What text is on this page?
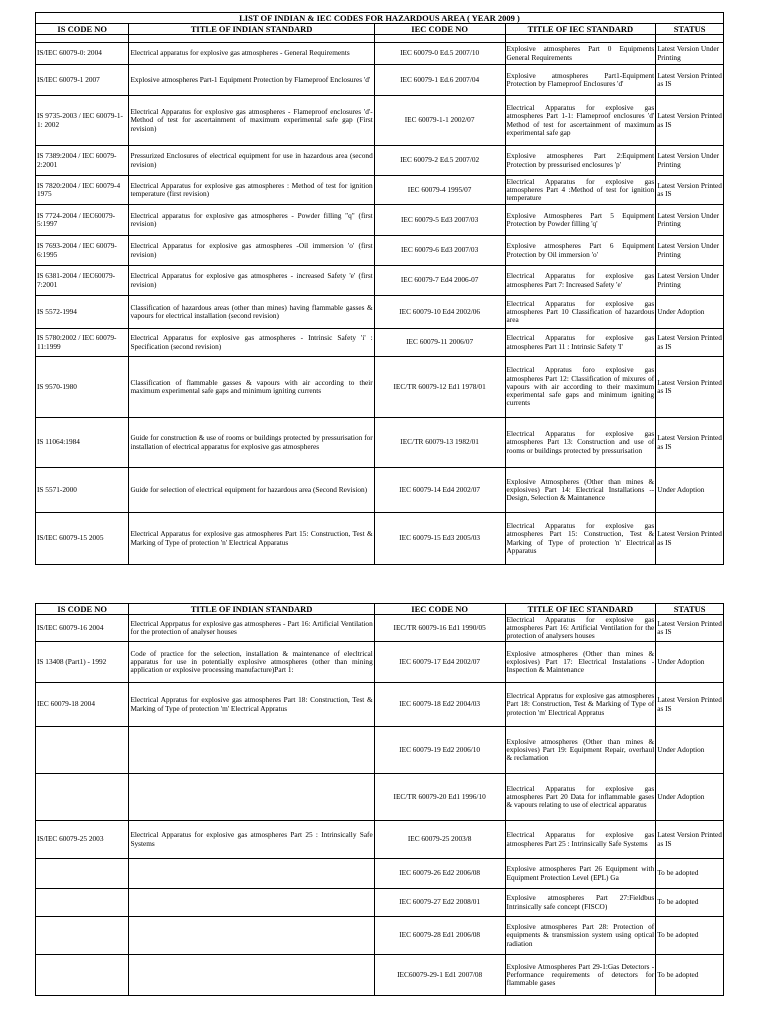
LIST OF INDIAN & IEC CODES FOR HAZARDOUS AREA ( YEAR 2009 )				
IS CODE NO	TITLE OF INDIAN STANDARD	IEC CODE NO	TITLE OF IEC STANDARD	STATUS

IS/IEC 60079-0: 2004	Electrical apparatus for explosive gas atmospheres - General Requirements	IEC 60079-0 Ed.5 2007/10	Explosive atmospheres Part 0 Equipments General Requirements	Latest Version Under Printing
IS/IEC 60079-1 2007	Explosive atmospheres Part-1 Equipment Protection by Flameproof Enclosures 'd'	IEC 60079-1 Ed.6 2007/04	Explosive atmospheres Part1-Equipment Protection by Flameproof Enclosures 'd'	Latest Version Printed as IS
IS 9735-2003 / IEC 60079-1-1: 2002	Electrical Apparatus for explosive gas atmospheres - Flameproof enclosures 'd'-Method of test for ascertainment of maximum experimental safe gap (First revision)	IEC 60079-1-1 2002/07	Electrical Apparatus for explosive gas atmospheres Part 1-1: Flameproof enclosures 'd' Method of test for ascertainment of maximum experimental safe gap	Latest Version Printed as IS
IS 7389:2004 / IEC 60079-2:2001	Pressurized Enclosures of electrical equipment for use in hazardous area (second revision)	IEC 60079-2 Ed.5 2007/02	Explosive atmospheres Part 2:Equipment Protection by pressurised enclosures 'p'	Latest Version Under Printing
IS 7820:2004 / IEC 60079-4 1975	Electrical Apparatus for explosive gas atmospheres : Method of test for ignition temperature (first revision)	IEC 60079-4 1995/07	Electrical Apparatus for explosive gas atmospheres Part 4 :Method of test for ignition temperature	Latest Version Printed as IS
IS 7724-2004 / IEC60079-5:1997	Electrical apparatus for explosive gas atmospheres - Powder filling "q" (first revision)	IEC 60079-5 Ed3 2007/03	Explosive Atmospheres Part 5 Equipment Protection by Powder filling 'q'	Latest Version Under Printing
IS 7693-2004 / IEC 60079-6:1995	Electrical Apparatus for explosive gas atmospheres -Oil immersion 'o' (first revision)	IEC 60079-6 Ed3 2007/03	Explosive atmospheres Part 6 Equipment Protection by Oil immersion 'o'	Latest Version Under Printing
IS 6381-2004 / IEC60079-7:2001	Electrical Apparatus for explosive gas atmospheres - increased Safety 'e' (first revision)	IEC 60079-7 Ed4 2006-07	Electrical Apparatus for explosive gas atmospheres Part 7: Increased Safety 'e'	Latest Version Under Printing
IS 5572-1994	Classification of hazardous areas (other than mines) having flammable gasses & vapours for electrical installation (second revision)	IEC 60079-10 Ed4 2002/06	Electrical Apparatus for explosive gas atmospheres Part 10 Classification of hazardous area	Under Adoption
IS 5780:2002 / IEC 60079-11:1999	Electrical Apparatus for explosive gas atmospheres - Intrinsic Safety 'i' : Specification (second revision)	IEC 60079-11 2006/07	Electrical Apparatus for explosive gas atmospheres Part 11 : Intrinsic Safety 'I'	Latest Version Printed as IS
IS 9570-1980	Classification of flammable gasses & vapours with air according to their maximum experimental safe gaps and minimum igniting currents	IEC/TR 60079-12 Ed1 1978/01	Electrical Appratus foro explosive gas atmospheres Part 12: Classification of mixures of vapours with air according to their maximum experimental safe gaps and minimum igniting currents	Latest Version Printed as IS
IS 11064:1984	Guide for construction & use of rooms or buildings protected by pressurisation for installation of electrical apparatus for explosive gas atmospheres	IEC/TR 60079-13 1982/01	Electrical Apparatus for explosive gas atmospheres Part 13: Construction and use of rooms or buildings protected by pressurisation	Latest Version Printed as IS
IS 5571-2000	Guide for selection of electrical equipment for hazardous area (Second Revision)	IEC 60079-14 Ed4 2002/07	Explosive Atmospheres (Other than mines & explosives) Part 14: Electrical Installations -- Design, Selection & Maintanence	Under Adoption
IS/IEC 60079-15 2005	Electrical Apparatus for explosive gas atmospheres Part 15: Construction, Test & Marking of Type of protection 'n' Electrical Apparatus	IEC 60079-15 Ed3 2005/03	Electrical Apparatus for explosive gas atmospheres Part 15: Construction, Test & Marking of Type of protection 'n' Electrical Apparatus	Latest Version Printed as IS
IS CODE NO	TITLE OF INDIAN STANDARD	IEC CODE NO	TITLE OF IEC STANDARD	STATUS
IS/IEC 60079-16 2004	Electrical Apprpatus for explosive gas atmospheres - Part 16: Artificial Ventilation for the protection of analyser houses	IEC/TR 60079-16 Ed1 1990/05	Electrical Apparatus for explosive gas atmospheres Part 16: Artificial Ventilation for the protection of analysers houses	Latest Version Printed as IS
IS 13408 (Part1) - 1992	Code of practice for the selection, installation & maintenance of elecltrical apparatus for use in potentially explosive atmospheres (other than mining application or explosive processing manufacture)Part 1:	IEC 60079-17 Ed4 2002/07	Explosive atmospheres (Other than mines & explosives) Part 17: Electrical Instalations - Inspection & Maintenance	Under Adoption
IEC 60079-18 2004	Electrical Appratus for explosive gas atmospheres Part 18: Construction, Test & Marking of Type of protection 'm' Electrical Appratus	IEC 60079-18 Ed2 2004/03	Electrical Appratus for explosive gas atmospheres Part 18: Construction, Test & Marking of Type of protection 'm' Electrical Appratus	Latest Version Printed as IS
		IEC 60079-19 Ed2 2006/10	Explosive atmospheres (Other than mines & explosives) Part 19: Equipment Repair, overhaul & reclamation	Under Adoption
		IEC/TR 60079-20 Ed1 1996/10	Electrical Apparatus for explosive gas atmospheres Part 20 Data for inflammable gases & vapours relating to use of electrical apparatus	Under Adoption
IS/IEC 60079-25 2003	Electrical Apparatus for explosive gas atmospheres Part 25 : Intrinsically Safe Systems	IEC 60079-25 2003/8	Electrical Apparatus for explosive gas atmospheres Part 25 : Intrinsically Safe Systems	Latest Version Printed as IS
		IEC 60079-26 Ed2 2006/08	Explosive atmospheres Part 26 Equipment with Equipment Protection Level (EPL) Ga	To be adopted
		IEC 60079-27 Ed2 2008/01	Explosive atmospheres Part 27:Fieldbus Intrinsically safe concept (FISCO)	To be adopted
		IEC 60079-28 Ed1 2006/08	Explosive atmospheres Part 28: Protection of equipments & transmission system using optical radiation	To be adopted
		IEC60079-29-1 Ed1 2007/08	Explosive Atmospheres Part 29-1:Gas Detectors -Performance requirements of detectors for flammable gases	To be adopted
